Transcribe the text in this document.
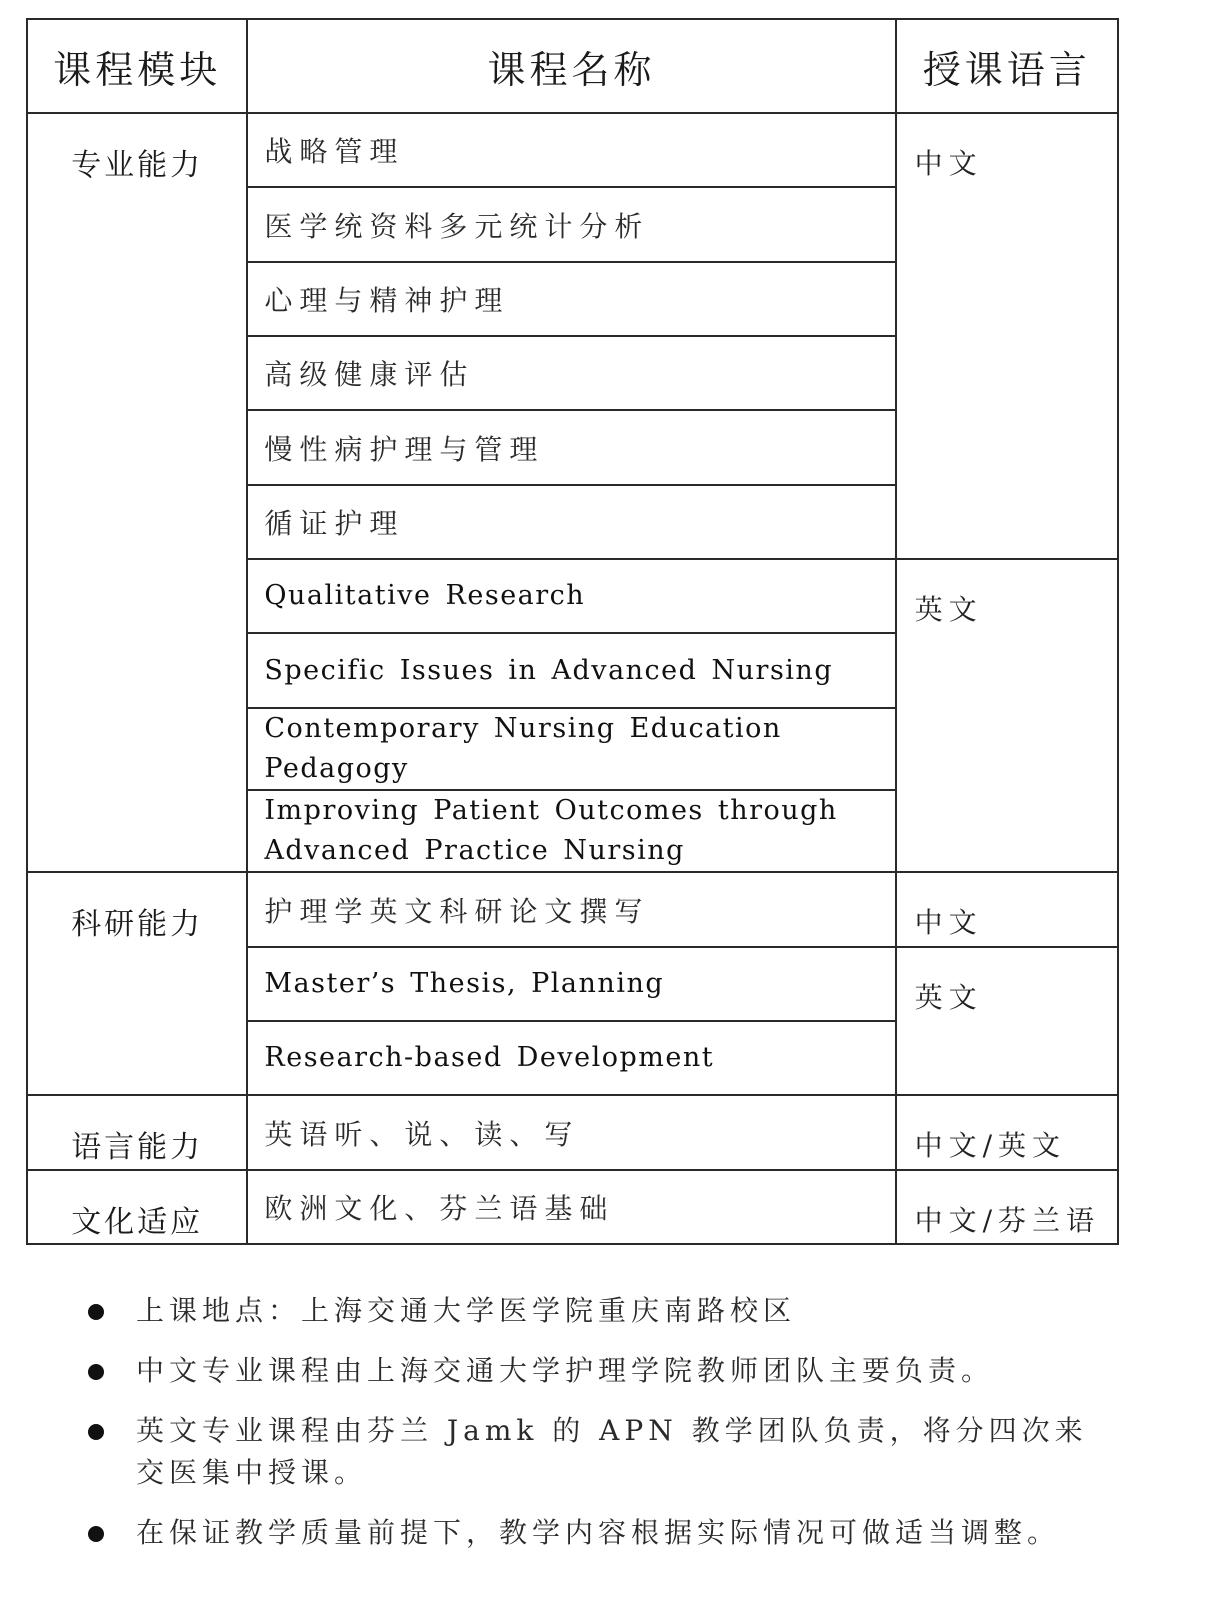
课程模块	课程名称	授课语言
专业能力	战略管理	中文
	医学统资料多元统计分析	
	心理与精神护理	
	高级健康评估	
	慢性病护理与管理	
	循证护理	
	Qualitative Research	英文
	Specific Issues in Advanced Nursing	
	Contemporary Nursing Education Pedagogy	
	Improving Patient Outcomes through Advanced Practice Nursing	
科研能力	护理学英文科研论文撰写	中文
	Master’s Thesis, Planning	英文
	Research-based Development	
语言能力	英语听、说、读、写	中文/英文
文化适应	欧洲文化、芬兰语基础	中文/芬兰语
上课地点：上海交通大学医学院重庆南路校区
中文专业课程由上海交通大学护理学院教师团队主要负责。
英文专业课程由芬兰 Jamk 的 APN 教学团队负责，将分四次来交医集中授课。
在保证教学质量前提下，教学内容根据实际情况可做适当调整。
